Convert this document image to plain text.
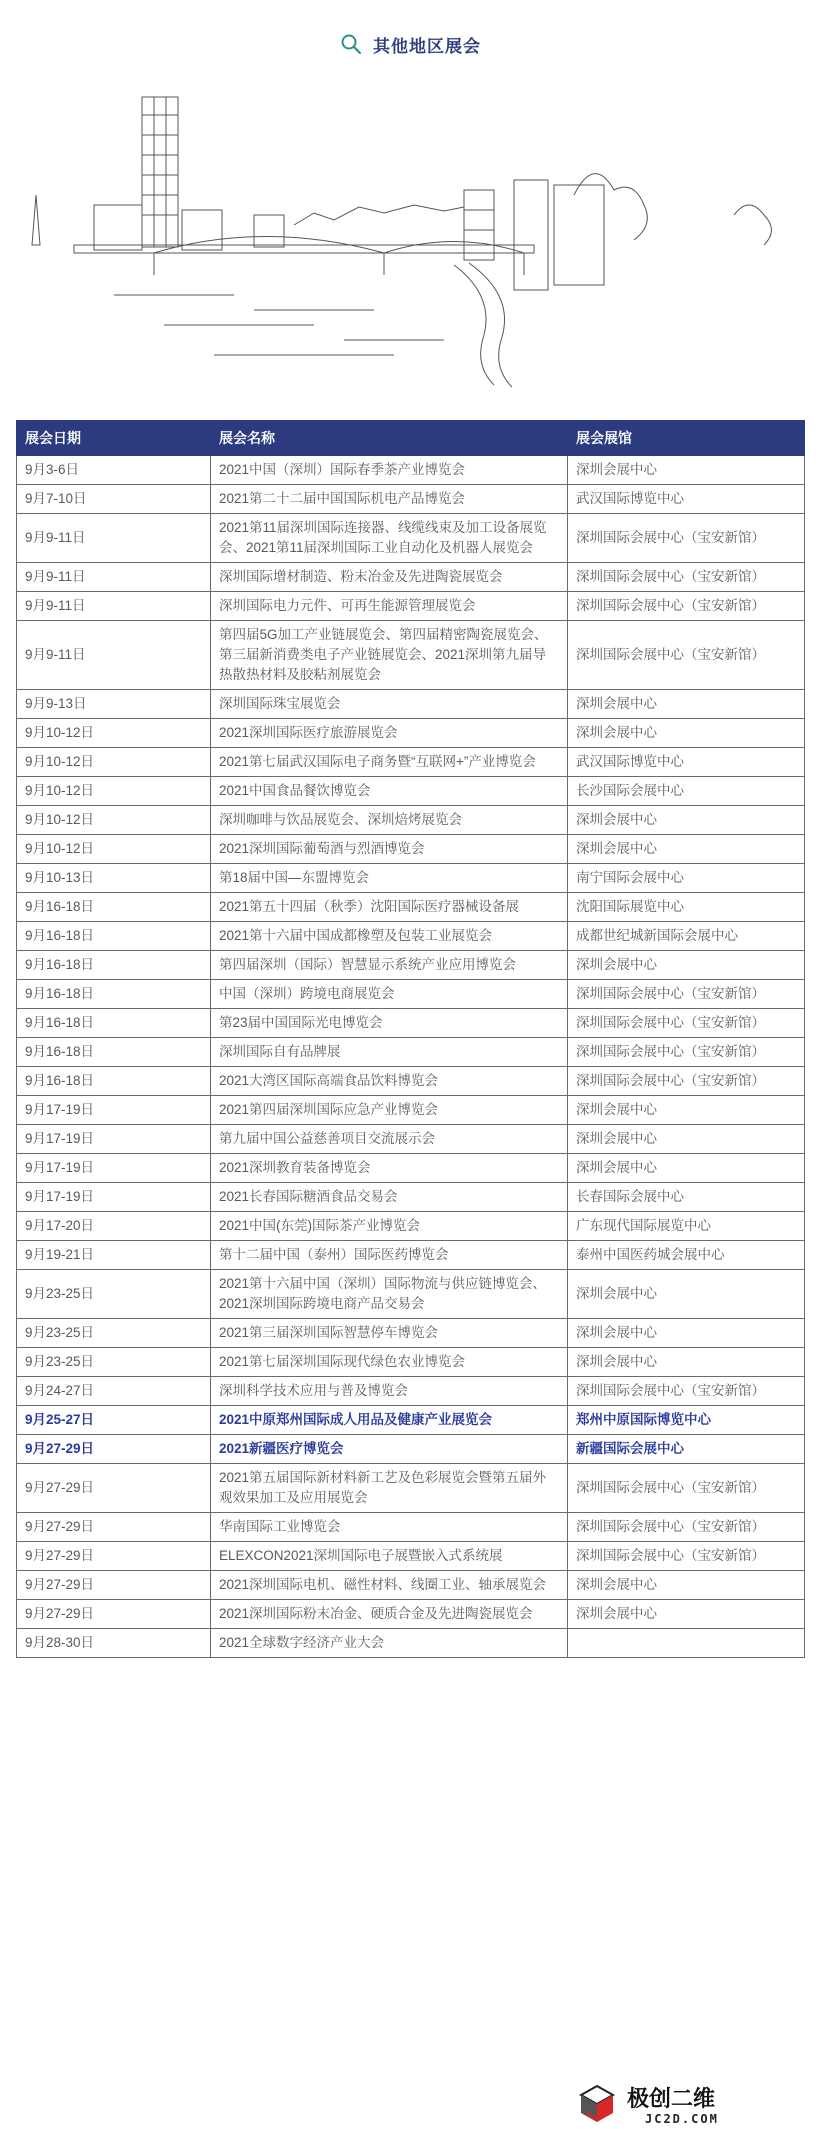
其他地区展会
展会日期	展会名称	展会展馆
9月3-6日	2021中国（深圳）国际春季茶产业博览会	深圳会展中心
9月7-10日	2021第二十二届中国国际机电产品博览会	武汉国际博览中心
9月9-11日	2021第11届深圳国际连接器、线缆线束及加工设备展览会、2021第11届深圳国际工业自动化及机器人展览会	深圳国际会展中心（宝安新馆）
9月9-11日	深圳国际增材制造、粉末冶金及先进陶瓷展览会	深圳国际会展中心（宝安新馆）
9月9-11日	深圳国际电力元件、可再生能源管理展览会	深圳国际会展中心（宝安新馆）
9月9-11日	第四届5G加工产业链展览会、第四届精密陶瓷展览会、第三届新消费类电子产业链展览会、2021深圳第九届导热散热材料及胶粘剂展览会	深圳国际会展中心（宝安新馆）
9月9-13日	深圳国际珠宝展览会	深圳会展中心
9月10-12日	2021深圳国际医疗旅游展览会	深圳会展中心
9月10-12日	2021第七届武汉国际电子商务暨“互联网+”产业博览会	武汉国际博览中心
9月10-12日	2021中国食品餐饮博览会	长沙国际会展中心
9月10-12日	深圳咖啡与饮品展览会、深圳焙烤展览会	深圳会展中心
9月10-12日	2021深圳国际葡萄酒与烈酒博览会	深圳会展中心
9月10-13日	第18届中国—东盟博览会	南宁国际会展中心
9月16-18日	2021第五十四届（秋季）沈阳国际医疗器械设备展	沈阳国际展览中心
9月16-18日	2021第十六届中国成都橡塑及包装工业展览会	成都世纪城新国际会展中心
9月16-18日	第四届深圳（国际）智慧显示系统产业应用博览会	深圳会展中心
9月16-18日	中国（深圳）跨境电商展览会	深圳国际会展中心（宝安新馆）
9月16-18日	第23届中国国际光电博览会	深圳国际会展中心（宝安新馆）
9月16-18日	深圳国际自有品牌展	深圳国际会展中心（宝安新馆）
9月16-18日	2021大湾区国际高端食品饮料博览会	深圳国际会展中心（宝安新馆）
9月17-19日	2021第四届深圳国际应急产业博览会	深圳会展中心
9月17-19日	第九届中国公益慈善项目交流展示会	深圳会展中心
9月17-19日	2021深圳教育装备博览会	深圳会展中心
9月17-19日	2021长春国际糖酒食品交易会	长春国际会展中心
9月17-20日	2021中国(东莞)国际茶产业博览会	广东现代国际展览中心
9月19-21日	第十二届中国（泰州）国际医药博览会	泰州中国医药城会展中心
9月23-25日	2021第十六届中国（深圳）国际物流与供应链博览会、2021深圳国际跨境电商产品交易会	深圳会展中心
9月23-25日	2021第三届深圳国际智慧停车博览会	深圳会展中心
9月23-25日	2021第七届深圳国际现代绿色农业博览会	深圳会展中心
9月24-27日	深圳科学技术应用与普及博览会	深圳国际会展中心（宝安新馆）
9月25-27日	2021中原郑州国际成人用品及健康产业展览会	郑州中原国际博览中心
9月27-29日	2021新疆医疗博览会	新疆国际会展中心
9月27-29日	2021第五届国际新材料新工艺及色彩展览会暨第五届外观效果加工及应用展览会	深圳国际会展中心（宝安新馆）
9月27-29日	华南国际工业博览会	深圳国际会展中心（宝安新馆）
9月27-29日	ELEXCON2021深圳国际电子展暨嵌入式系统展	深圳国际会展中心（宝安新馆）
9月27-29日	2021深圳国际电机、磁性材料、线圈工业、轴承展览会	深圳会展中心
9月27-29日	2021深圳国际粉末冶金、硬质合金及先进陶瓷展览会	深圳会展中心
9月28-30日	2021全球数字经济产业大会	
极创二维
JC2D.COM
